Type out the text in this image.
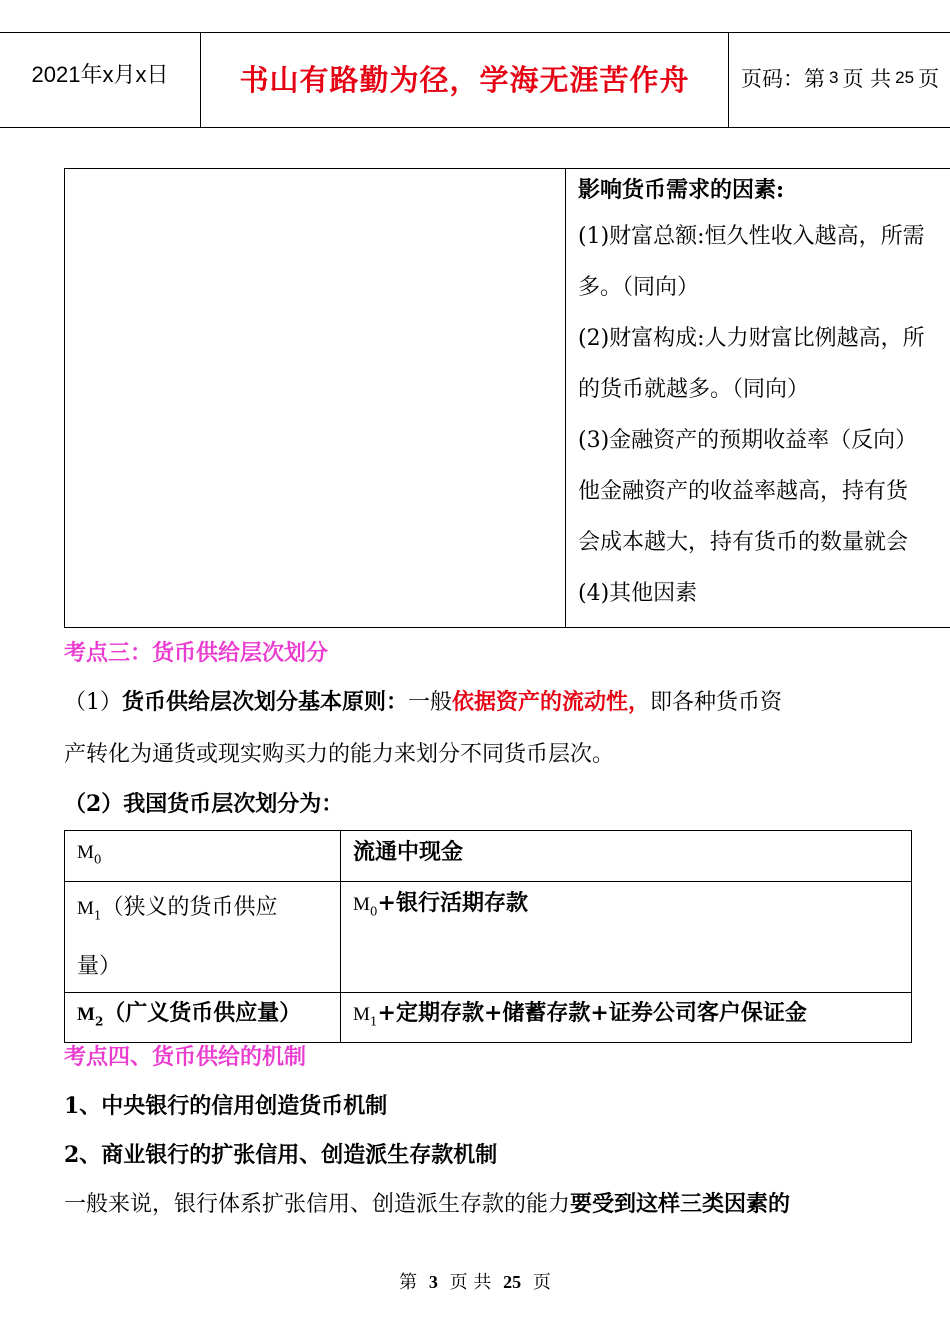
2021年x月x日	书山有路勤为径，学海无涯苦作舟	页码：第 3 页 共 25 页
影响货币需求的因素:
(1)财富总额:恒久性收入越高，所需
多。（同向）
(2)财富构成:人力财富比例越高，所
的货币就越多。（同向）
(3)金融资产的预期收益率（反向）
他金融资产的收益率越高，持有货
会成本越大，持有货币的数量就会
(4)其他因素
考点三：货币供给层次划分
（1）货币供给层次划分基本原则：一般依据资产的流动性，即各种货币资
产转化为通货或现实购买力的能力来划分不同货币层次。
（2）我国货币层次划分为：
$M_0$	流通中现金
$M_1$（狭义的货币供应
量）	$M_0+$银行活期存款
$M_2$（广义货币供应量）	$M_1+$定期存款+储蓄存款+证券公司客户保证金
考点四、货币供给的机制
1、中央银行的信用创造货币机制
2、商业银行的扩张信用、创造派生存款机制
一般来说，银行体系扩张信用、创造派生存款的能力要受到这样三类因素的
第 3 页 共 25 页
